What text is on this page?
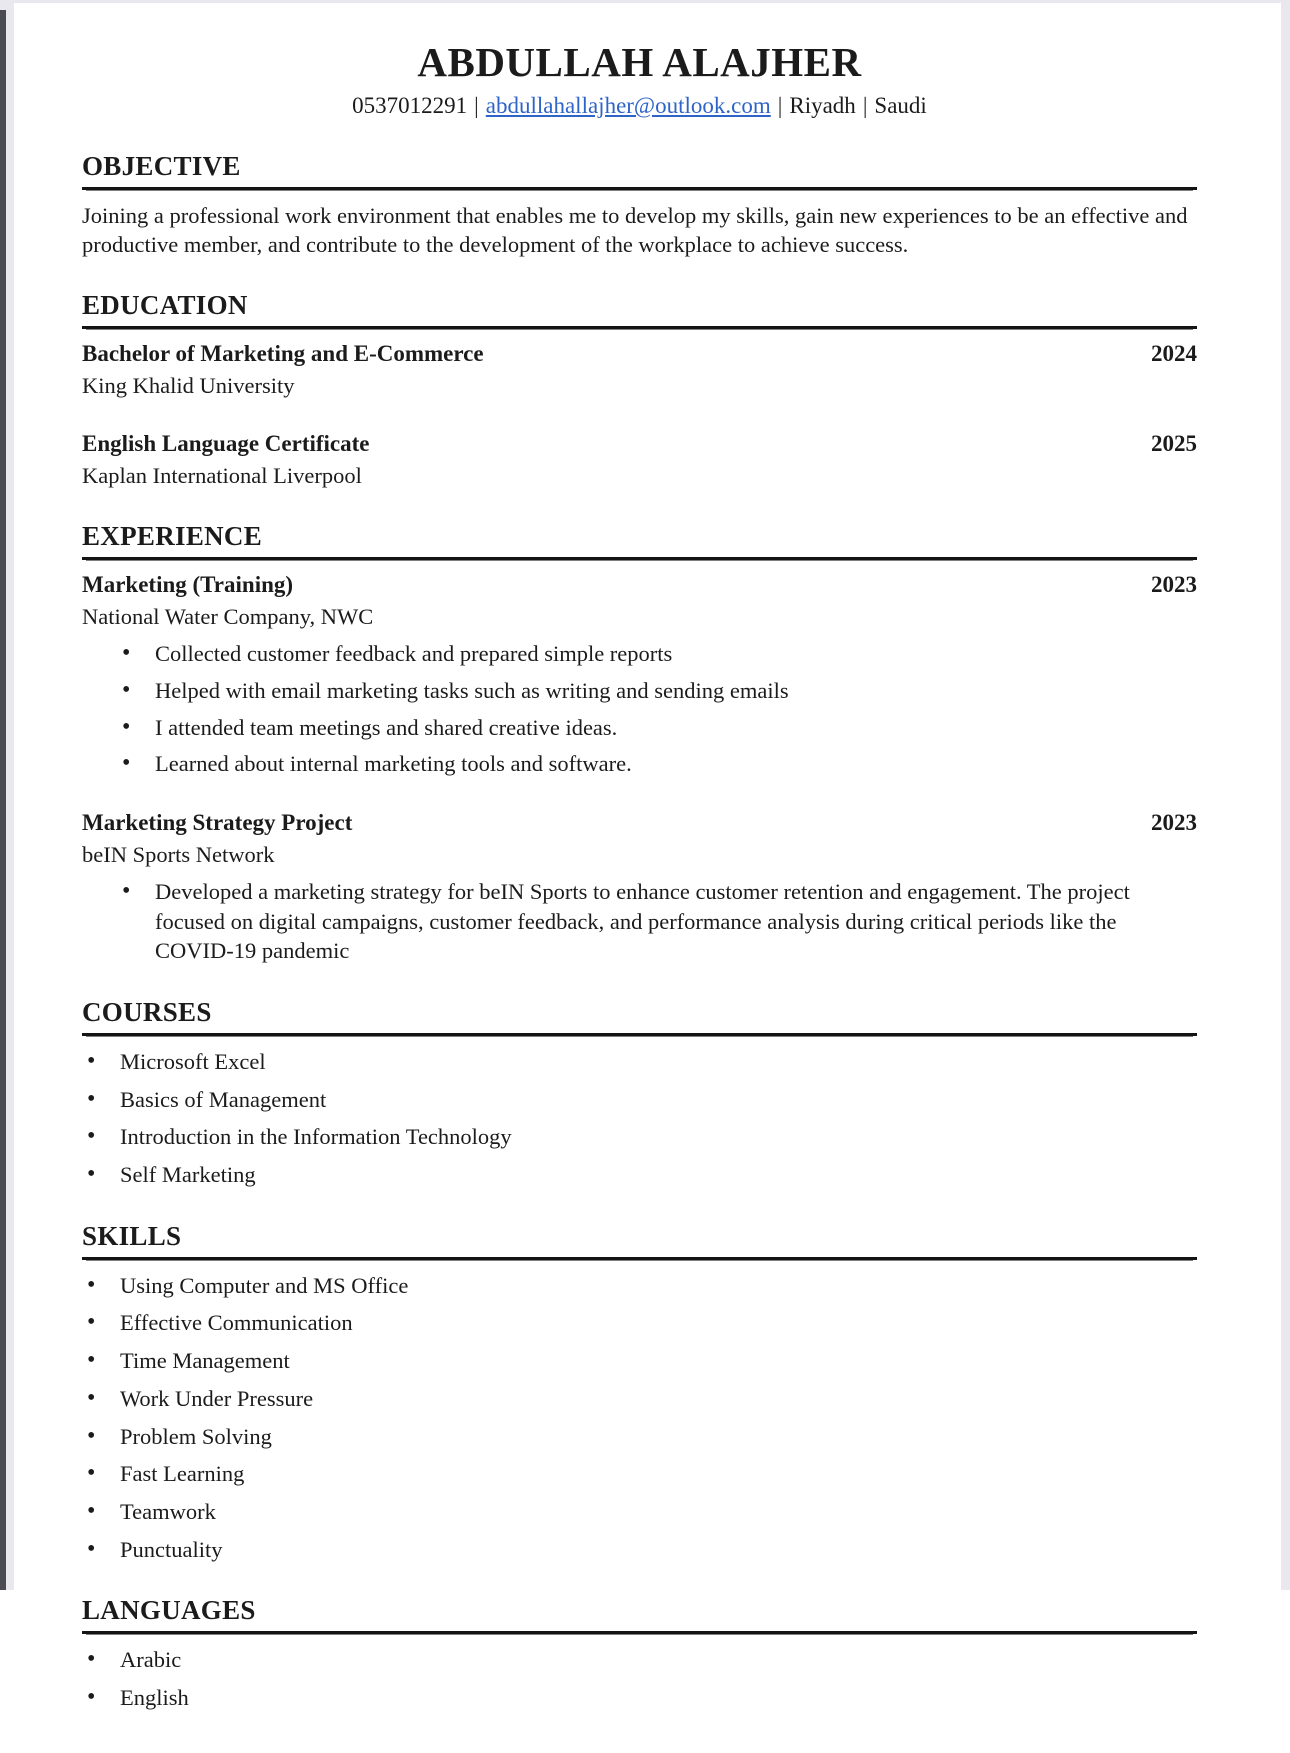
ABDULLAH ALAJHER
0537012291 | abdullahallajher@outlook.com | Riyadh | Saudi
OBJECTIVE

Joining a professional work environment that enables me to develop my skills, gain new experiences to be an effective and productive member, and contribute to the development of the workplace to achieve success.

EDUCATION
Bachelor of Marketing and E-Commerce	2024
King Khalid University
English Language Certificate	2025
Kaplan International Liverpool
EXPERIENCE
Marketing (Training)	2023
National Water Company, NWC
• Collected customer feedback and prepared simple reports
• Helped with email marketing tasks such as writing and sending emails
• I attended team meetings and shared creative ideas.
• Learned about internal marketing tools and software.
Marketing Strategy Project	2023
beIN Sports Network
• Developed a marketing strategy for beIN Sports to enhance customer retention and engagement. The project focused on digital campaigns, customer feedback, and performance analysis during critical periods like the COVID-19 pandemic
COURSES
• Microsoft Excel
• Basics of Management
• Introduction in the Information Technology
• Self Marketing
SKILLS
• Using Computer and MS Office
• Effective Communication
• Time Management
• Work Under Pressure
• Problem Solving
• Fast Learning
• Teamwork
• Punctuality
LANGUAGES
• Arabic
• English
